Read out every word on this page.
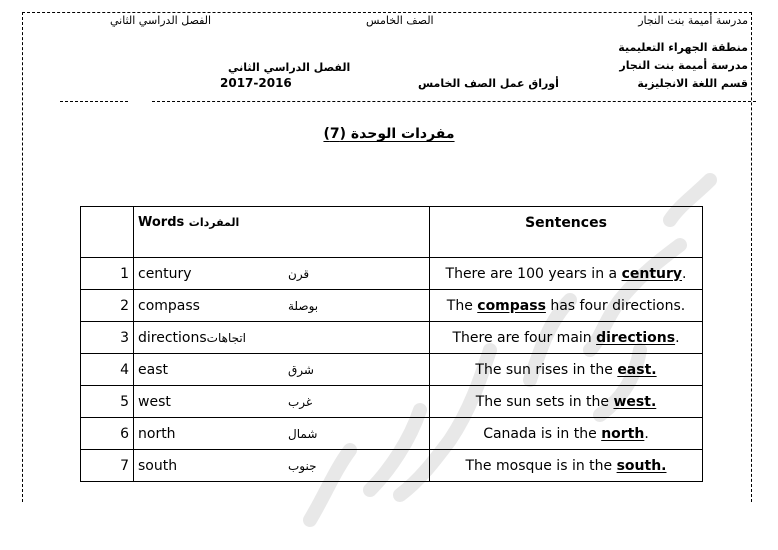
مدرسة أميمة بنت النجار
الصف الخامس
الفصل الدراسي الثاني
منطقة الجهراء التعليمية
مدرسة أميمة بنت النجار
قسم اللغة الانجليزية
أوراق عمل الصف الخامس
الفصل الدراسي الثاني
2017-2016
مفردات الوحدة (7)
	Words المفردات	Sentences
1	century قرن	There are 100 years in a century.
2	compass بوصلة	The compass has four directions.
3	directions اتجاهات	There are four main directions.
4	east شرق	The sun rises in the east.
5	west غرب	The sun sets in the west.
6	north شمال	Canada is in the north.
7	south جنوب	The mosque is in the south.
